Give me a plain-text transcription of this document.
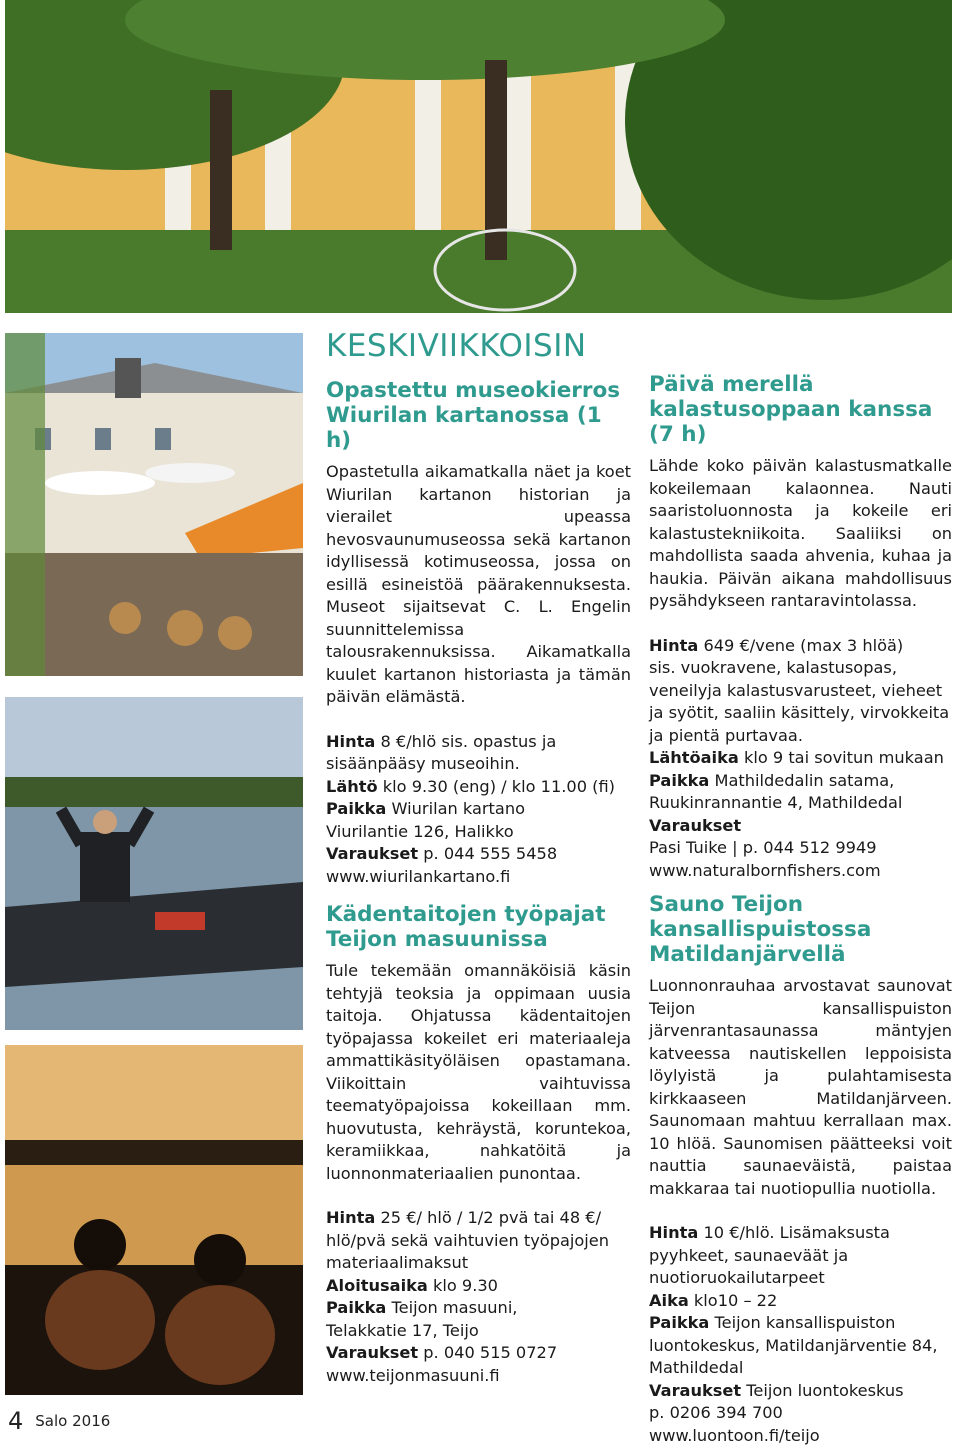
KESKIVIIKKOISIN
Opastettu museokierros Wiurilan kartanossa (1 h)

Opastetulla aikamatkalla näet ja koet Wiurilan kartanon historian ja vierailet upeassa hevosvaunumuseossa sekä kartanon idyllisessä kotimuseossa, jossa on esillä esineistöä päärakennuksesta. Museot sijaitsevat C. L. Engelin suunnittelemissa talousrakennuksissa. Aikamatkalla kuulet kartanon historiasta ja tämän päivän elämästä.

Hinta 8 €/hlö sis. opastus ja sisäänpääsy museoihin.

Lähtö klo 9.30 (eng) / klo 11.00 (fi)

Paikka Wiurilan kartano

Viurilantie 126, Halikko

Varaukset p. 044 555 5458

www.wiurilankartano.fi

Kädentaitojen työpajat Teijon masuunissa

Tule tekemään omannäköisiä käsin tehtyjä teoksia ja oppimaan uusia taitoja. Ohjatussa kädentaitojen työpajassa kokeilet eri materiaaleja ammattikäsityöläisen opastamana. Viikoittain vaihtuvissa teematyöpajoissa kokeillaan mm. huovutusta, kehräystä, koruntekoa, keramiikkaa, nahkatöitä ja luonnonmateriaalien punontaa.

Hinta 25 €/ hlö / 1/2 pvä tai 48 €/ hlö/pvä sekä vaihtuvien työpajojen materiaalimaksut

Aloitusaika klo 9.30

Paikka Teijon masuuni,

Telakkatie 17, Teijo

Varaukset p. 040 515 0727

www.teijonmasuuni.fi

Päivä merellä kalastusoppaan kanssa (7 h)

Lähde koko päivän kalastusmatkalle kokeilemaan kalaonnea. Nauti saaristoluonnosta ja kokeile eri kalastustekniikoita. Saaliiksi on mahdollista saada ahvenia, kuhaa ja haukia. Päivän aikana mahdollisuus pysähdykseen rantaravintolassa.

Hinta 649 €/vene (max 3 hlöä)

sis. vuokravene, kalastusopas, veneilyja kalastusvarusteet, vieheet ja syötit, saaliin käsittely, virvokkeita ja pientä purtavaa.

Lähtöaika klo 9 tai sovitun mukaan

Paikka Mathildedalin satama, Ruukinrannantie 4, Mathildedal

Varaukset

Pasi Tuike | p. 044 512 9949

www.naturalbornfishers.com

Sauno Teijon kansallispuistossa Matildanjärvellä

Luonnonrauhaa arvostavat saunovat Teijon kansallispuiston järvenrantasaunassa mäntyjen katveessa nautiskellen leppoisista löylyistä ja pulahtamisesta kirkkaaseen Matildanjärveen. Saunomaan mahtuu kerrallaan max. 10 hlöä. Saunomisen päätteeksi voit nauttia saunaeväistä, paistaa makkaraa tai nuotiopullia nuotiolla.

Hinta 10 €/hlö. Lisämaksusta pyyhkeet, saunaeväät ja nuotioruokailutarpeet

Aika klo10 – 22

Paikka Teijon kansallispuiston luontokeskus, Matildanjärventie 84, Mathildedal

Varaukset Teijon luontokeskus

p. 0206 394 700

www.luontoon.fi/teijo

4 Salo 2016
